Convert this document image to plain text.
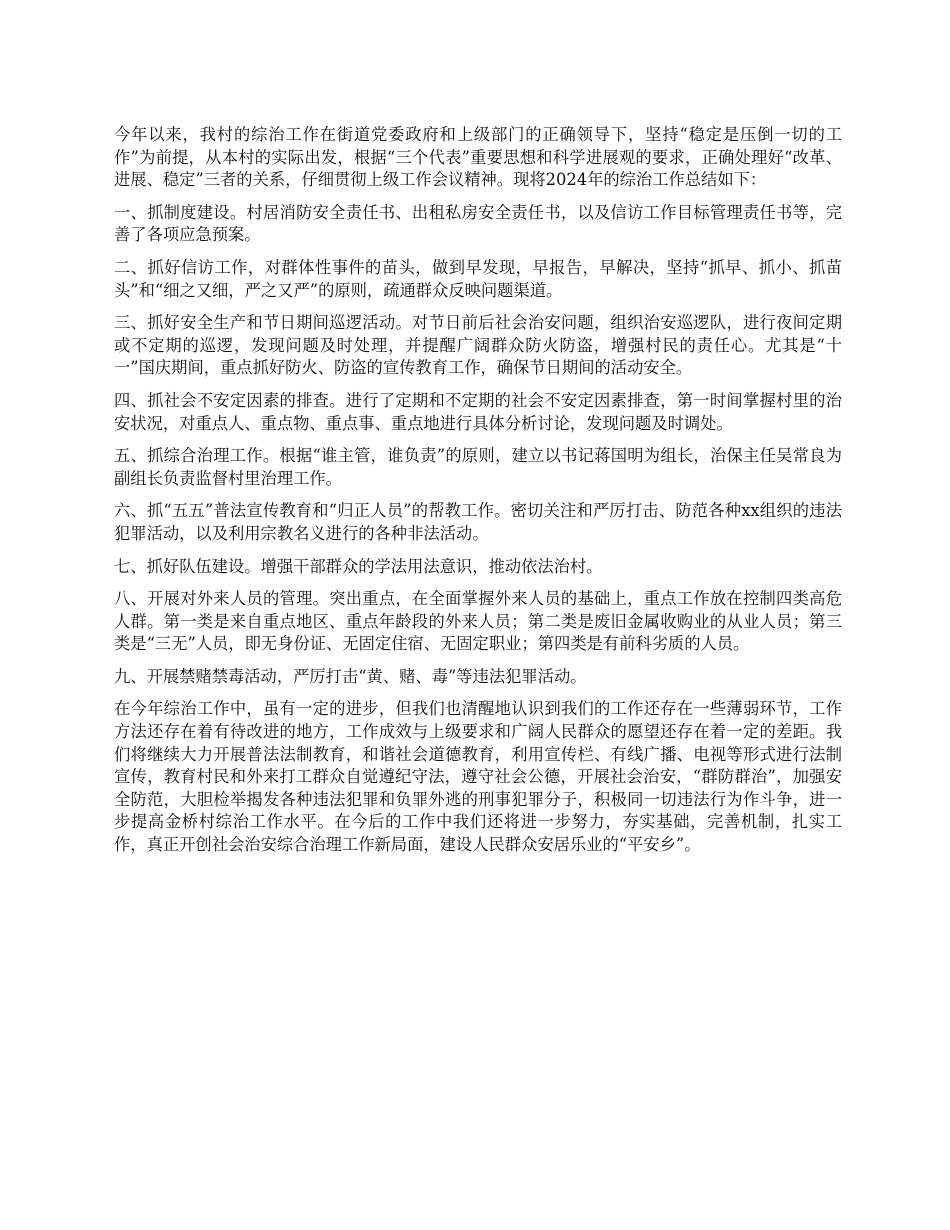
今年以来，我村的综治工作在街道党委政府和上级部门的正确领导下，坚持“稳定是压倒一切的工作”为前提，从本村的实际出发，根据“三个代表”重要思想和科学进展观的要求，正确处理好“改革、进展、稳定”三者的关系，仔细贯彻上级工作会议精神。现将2024年的综治工作总结如下：

一、抓制度建设。村居消防安全责任书、出租私房安全责任书，以及信访工作目标管理责任书等，完善了各项应急预案。

二、抓好信访工作，对群体性事件的苗头，做到早发现，早报告，早解决，坚持“抓早、抓小、抓苗头”和“细之又细，严之又严”的原则，疏通群众反映问题渠道。

三、抓好安全生产和节日期间巡逻活动。对节日前后社会治安问题，组织治安巡逻队，进行夜间定期或不定期的巡逻，发现问题及时处理，并提醒广阔群众防火防盗，增强村民的责任心。尤其是“十一”国庆期间，重点抓好防火、防盗的宣传教育工作，确保节日期间的活动安全。

四、抓社会不安定因素的排查。进行了定期和不定期的社会不安定因素排查，第一时间掌握村里的治安状况，对重点人、重点物、重点事、重点地进行具体分析讨论，发现问题及时调处。

五、抓综合治理工作。根据“谁主管，谁负责”的原则，建立以书记蒋国明为组长，治保主任吴常良为副组长负责监督村里治理工作。

六、抓“五五”普法宣传教育和“归正人员”的帮教工作。密切关注和严厉打击、防范各种xx组织的违法犯罪活动，以及利用宗教名义进行的各种非法活动。

七、抓好队伍建设。增强干部群众的学法用法意识，推动依法治村。

八、开展对外来人员的管理。突出重点，在全面掌握外来人员的基础上，重点工作放在控制四类高危人群。第一类是来自重点地区、重点年龄段的外来人员；第二类是废旧金属收购业的从业人员；第三类是“三无”人员，即无身份证、无固定住宿、无固定职业；第四类是有前科劣质的人员。

九、开展禁赌禁毒活动，严厉打击“黄、赌、毒”等违法犯罪活动。

在今年综治工作中，虽有一定的进步，但我们也清醒地认识到我们的工作还存在一些薄弱环节，工作方法还存在着有待改进的地方，工作成效与上级要求和广阔人民群众的愿望还存在着一定的差距。我们将继续大力开展普法法制教育，和谐社会道德教育，利用宣传栏、有线广播、电视等形式进行法制宣传，教育村民和外来打工群众自觉遵纪守法，遵守社会公德，开展社会治安，“群防群治”，加强安全防范，大胆检举揭发各种违法犯罪和负罪外逃的刑事犯罪分子，积极同一切违法行为作斗争，进一步提高金桥村综治工作水平。在今后的工作中我们还将进一步努力，夯实基础，完善机制，扎实工作，真正开创社会治安综合治理工作新局面，建设人民群众安居乐业的“平安乡”。
